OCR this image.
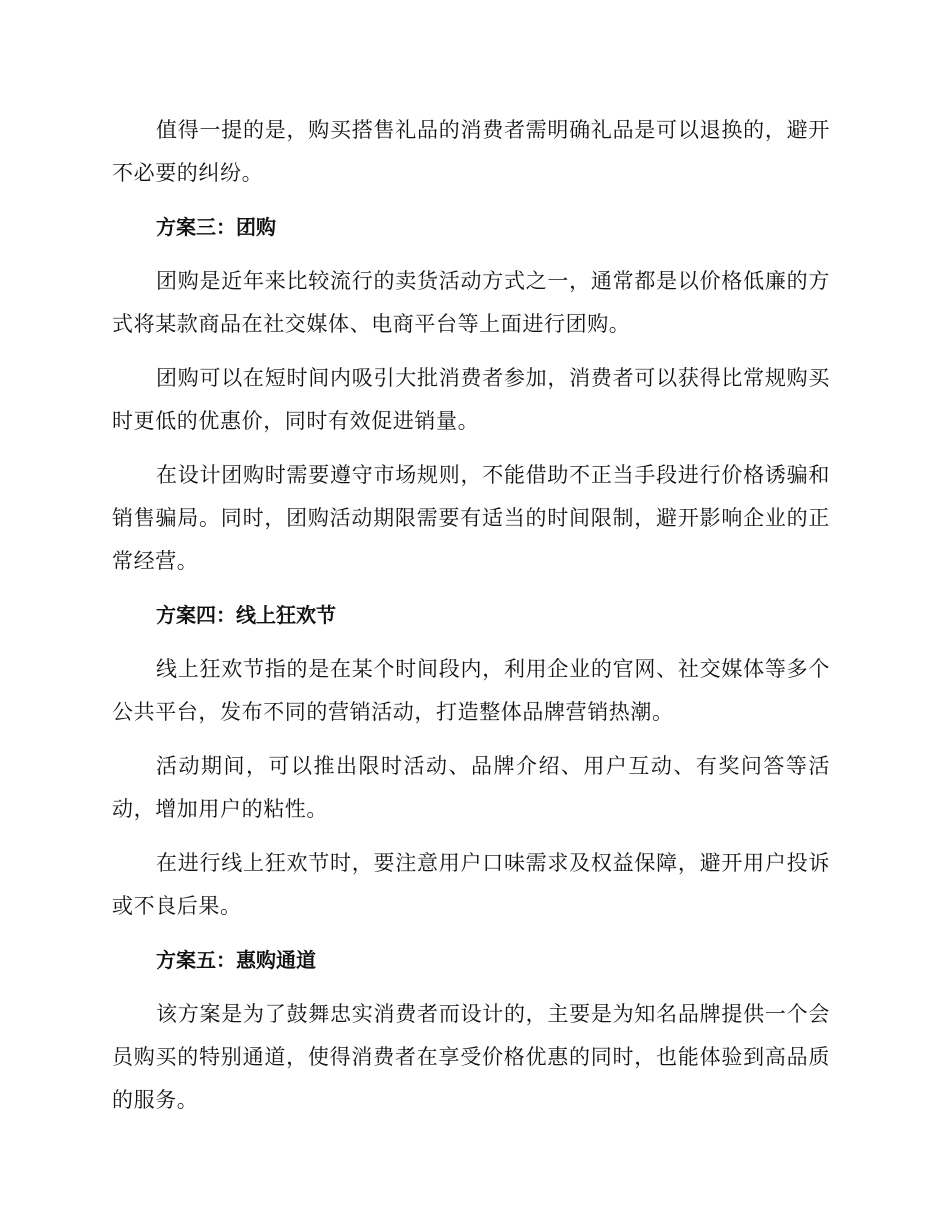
值得一提的是，购买搭售礼品的消费者需明确礼品是可以退换的，避开不必要的纠纷。

方案三：团购

团购是近年来比较流行的卖货活动方式之一，通常都是以价格低廉的方式将某款商品在社交媒体、电商平台等上面进行团购。

团购可以在短时间内吸引大批消费者参加，消费者可以获得比常规购买时更低的优惠价，同时有效促进销量。

在设计团购时需要遵守市场规则，不能借助不正当手段进行价格诱骗和销售骗局。同时，团购活动期限需要有适当的时间限制，避开影响企业的正常经营。

方案四：线上狂欢节

线上狂欢节指的是在某个时间段内，利用企业的官网、社交媒体等多个公共平台，发布不同的营销活动，打造整体品牌营销热潮。

活动期间，可以推出限时活动、品牌介绍、用户互动、有奖问答等活动，增加用户的粘性。

在进行线上狂欢节时，要注意用户口味需求及权益保障，避开用户投诉或不良后果。

方案五：惠购通道

该方案是为了鼓舞忠实消费者而设计的，主要是为知名品牌提供一个会员购买的特别通道，使得消费者在享受价格优惠的同时，也能体验到高品质的服务。
